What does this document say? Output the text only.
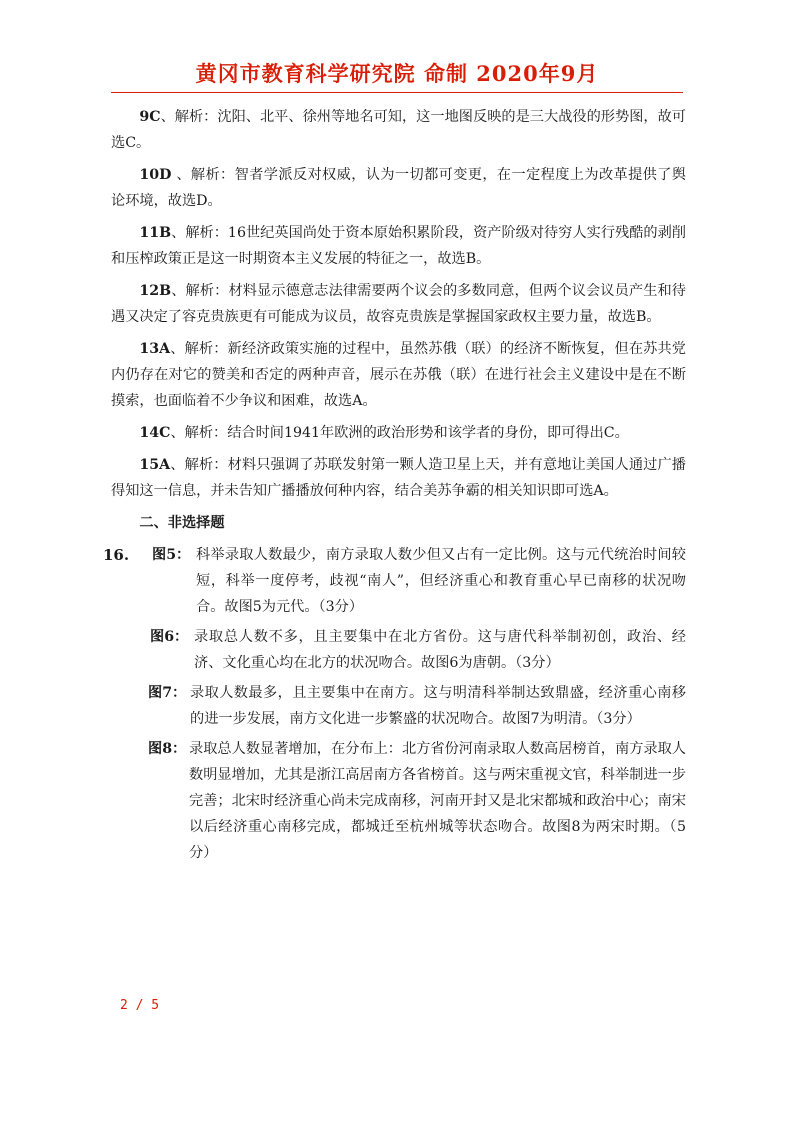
黄冈市教育科学研究院 命制 2020年9月

9C、解析：沈阳、北平、徐州等地名可知，这一地图反映的是三大战役的形势图，故可选C。

10D 、解析：智者学派反对权威，认为一切都可变更，在一定程度上为改革提供了舆论环境，故选D。

11B、解析：16世纪英国尚处于资本原始积累阶段，资产阶级对待穷人实行残酷的剥削和压榨政策正是这一时期资本主义发展的特征之一，故选B。

12B、解析：材料显示德意志法律需要两个议会的多数同意，但两个议会议员产生和待遇又决定了容克贵族更有可能成为议员，故容克贵族是掌握国家政权主要力量，故选B。

13A、解析：新经济政策实施的过程中，虽然苏俄（联）的经济不断恢复，但在苏共党内仍存在对它的赞美和否定的两种声音，展示在苏俄（联）在进行社会主义建设中是在不断摸索，也面临着不少争议和困难，故选A。

14C、解析：结合时间1941年欧洲的政治形势和该学者的身份，即可得出C。

15A、解析：材料只强调了苏联发射第一颗人造卫星上天，并有意地让美国人通过广播得知这一信息，并未告知广播播放何种内容，结合美苏争霸的相关知识即可选A。

二、非选择题

16. 图5： 科举录取人数最少，南方录取人数少但又占有一定比例。这与元代统治时间较短，科举一度停考，歧视“南人”，但经济重心和教育重心早已南移的状况吻合。故图5为元代。（3分）
图6： 录取总人数不多，且主要集中在北方省份。这与唐代科举制初创，政治、经济、文化重心均在北方的状况吻合。故图6为唐朝。（3分）
图7： 录取人数最多，且主要集中在南方。这与明清科举制达致鼎盛，经济重心南移的进一步发展，南方文化进一步繁盛的状况吻合。故图7为明清。（3分）
图8： 录取总人数显著增加，在分布上：北方省份河南录取人数高居榜首，南方录取人数明显增加，尤其是浙江高居南方各省榜首。这与两宋重视文官，科举制进一步完善；北宋时经济重心尚未完成南移，河南开封又是北宋都城和政治中心；南宋以后经济重心南移完成，都城迁至杭州城等状态吻合。故图8为两宋时期。（5分）
2 / 5
